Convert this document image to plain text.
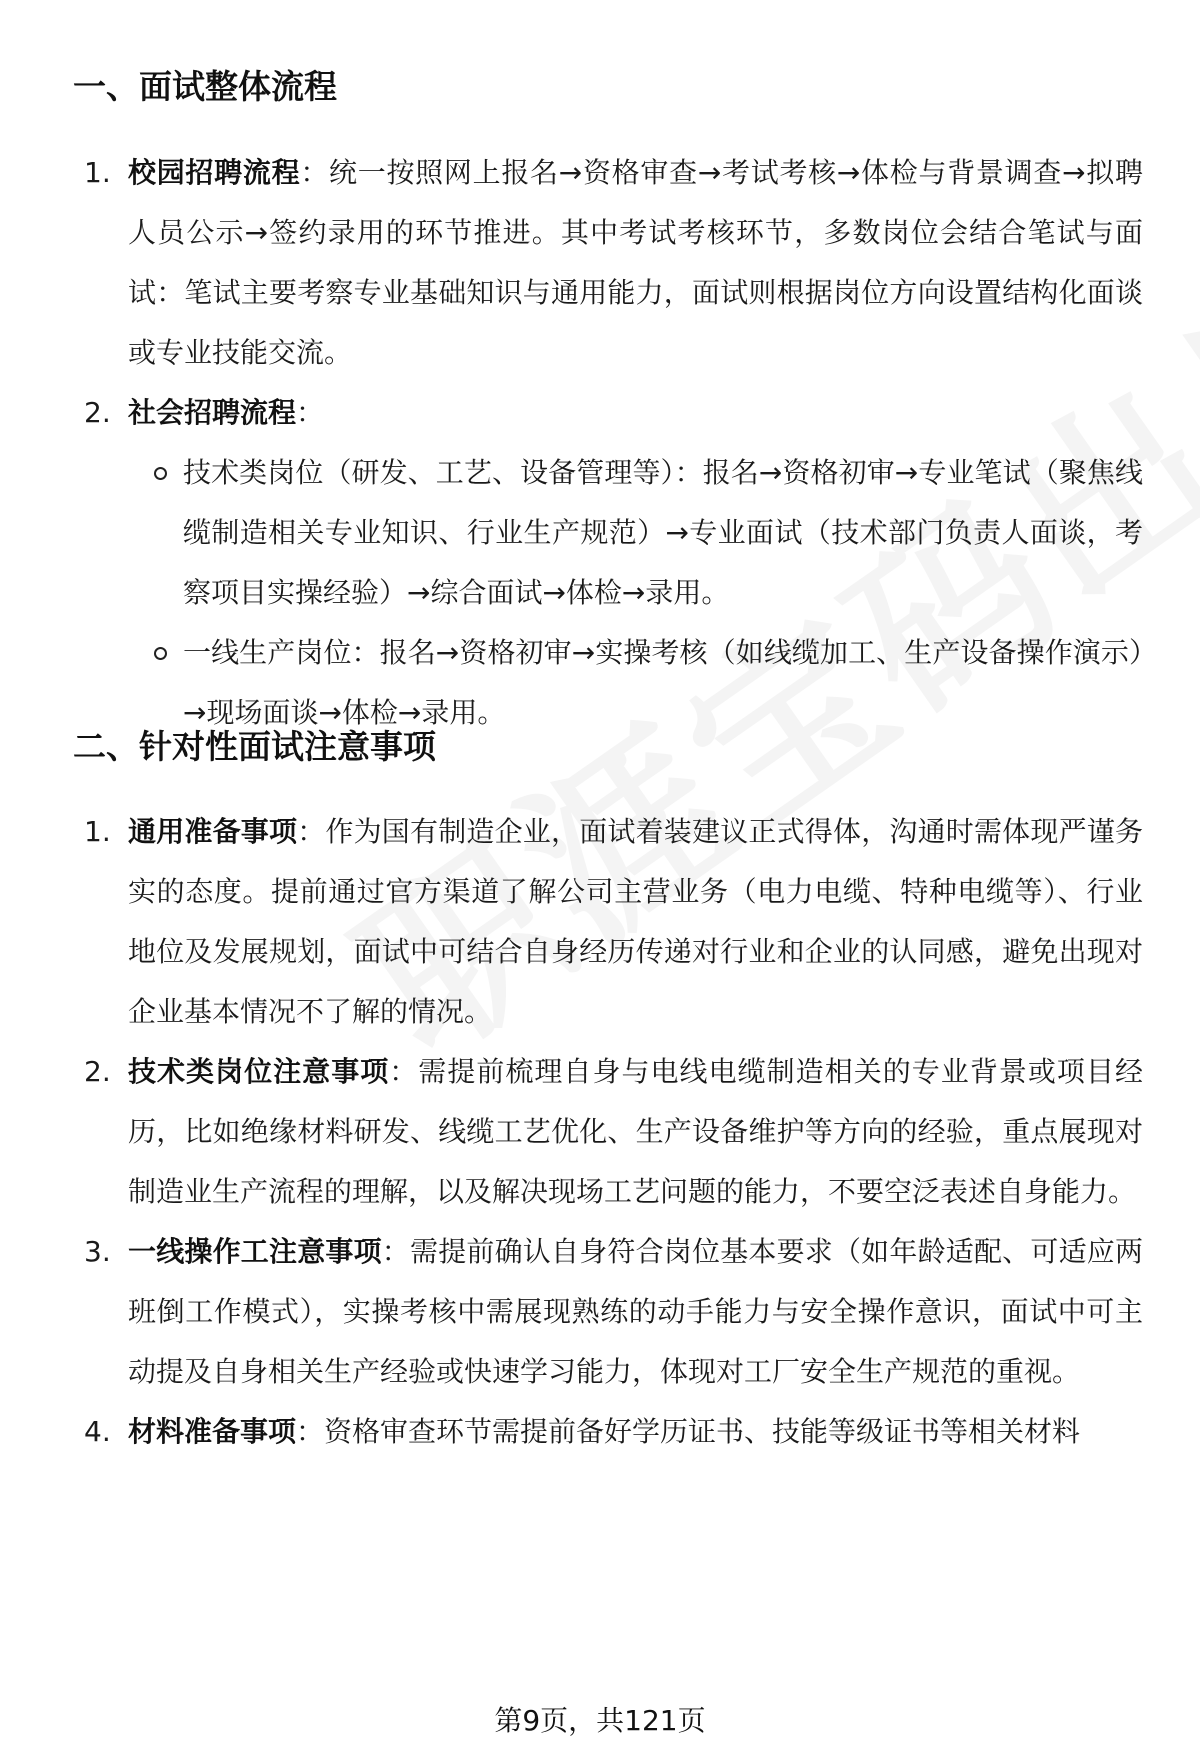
一、面试整体流程
1. 校园招聘流程：统一按照网上报名→资格审查→考试考核→体检与背景调查→拟聘人员公示→签约录用的环节推进。其中考试考核环节，多数岗位会结合笔试与面试：笔试主要考察专业基础知识与通用能力，面试则根据岗位方向设置结构化面谈或专业技能交流。
2. 社会招聘流程：
技术类岗位（研发、工艺、设备管理等）：报名→资格初审→专业笔试（聚焦线缆制造相关专业知识、行业生产规范）→专业面试（技术部门负责人面谈，考察项目实操经验）→综合面试→体检→录用。
一线生产岗位：报名→资格初审→实操考核（如线缆加工、生产设备操作演示）→现场面谈→体检→录用。
二、针对性面试注意事项
1. 通用准备事项：作为国有制造企业，面试着装建议正式得体，沟通时需体现严谨务实的态度。提前通过官方渠道了解公司主营业务（电力电缆、特种电缆等）、行业地位及发展规划，面试中可结合自身经历传递对行业和企业的认同感，避免出现对企业基本情况不了解的情况。
2. 技术类岗位注意事项：需提前梳理自身与电线电缆制造相关的专业背景或项目经历，比如绝缘材料研发、线缆工艺优化、生产设备维护等方向的经验，重点展现对制造业生产流程的理解，以及解决现场工艺问题的能力，不要空泛表述自身能力。
3. 一线操作工注意事项：需提前确认自身符合岗位基本要求（如年龄适配、可适应两班倒工作模式），实操考核中需展现熟练的动手能力与安全操作意识，面试中可主动提及自身相关生产经验或快速学习能力，体现对工厂安全生产规范的重视。
4. 材料准备事项：资格审查环节需提前备好学历证书、技能等级证书等相关材料
第9页，共121页
